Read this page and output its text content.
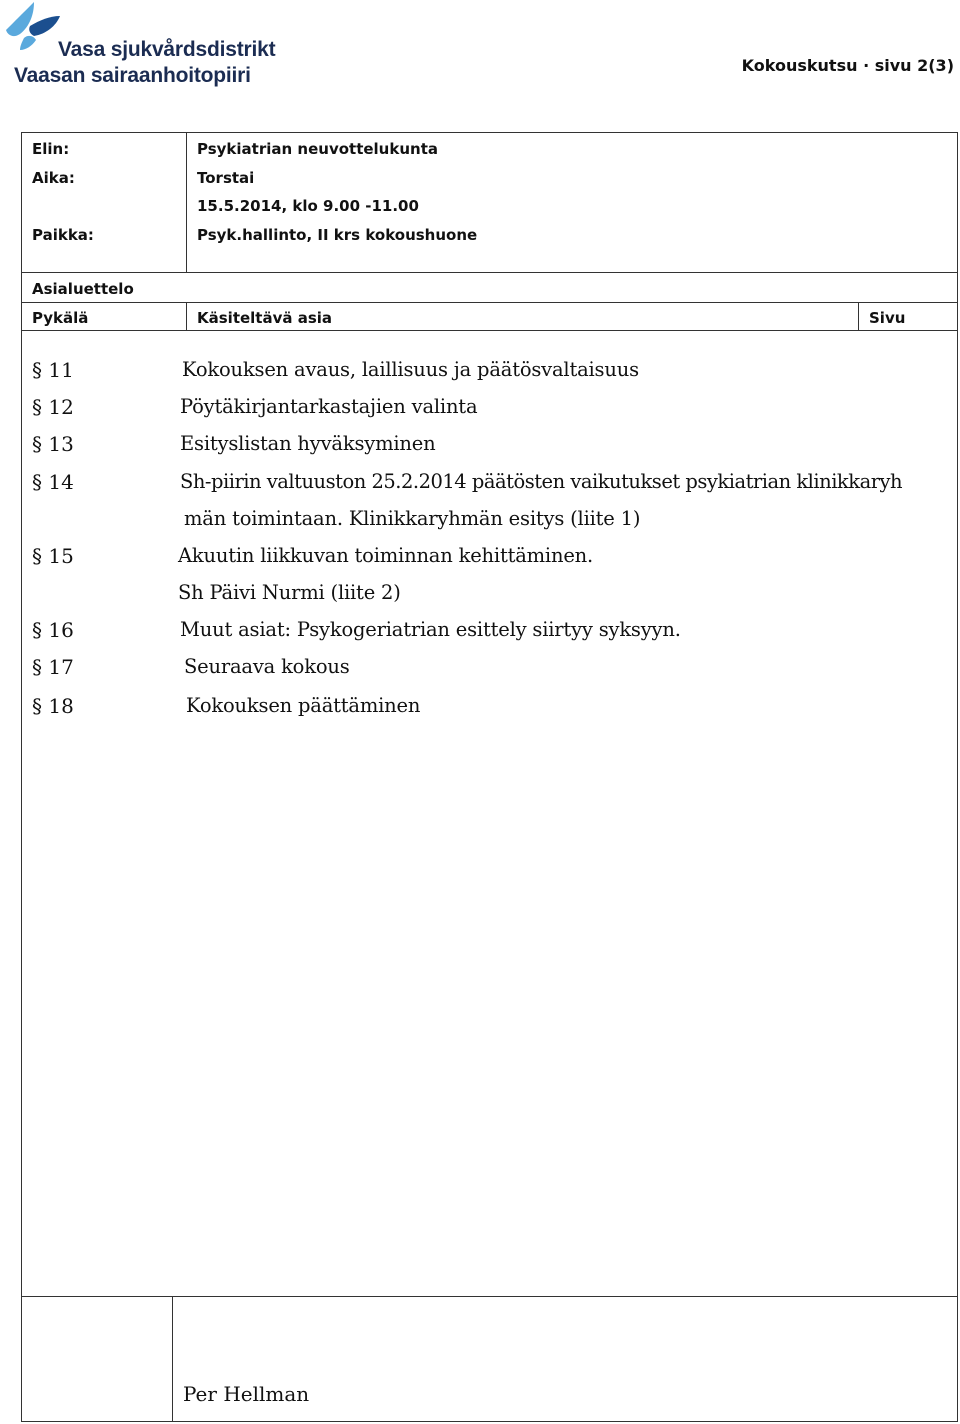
Vasa sjukvårdsdistrikt
Vaasan sairaanhoitopiiri	Kokouskutsu · sivu 2(3)
Elin:	Psykiatrian neuvottelukunta
Aika:	Torstai
15.5.2014, klo 9.00 -11.00
Paikka:	Psyk.hallinto, II krs kokoushuone
Asialuettelo
Pykälä	Käsiteltävä asia	Sivu
§ 11	Kokouksen avaus, laillisuus ja päätösvaltaisuus
§ 12	Pöytäkirjantarkastajien valinta
§ 13	Esityslistan hyväksyminen
§ 14	Sh-piirin valtuuston 25.2.2014 päätösten vaikutukset psykiatrian klinikkaryh
män toimintaan. Klinikkaryhmän esitys (liite 1)
§ 15	Akuutin liikkuvan toiminnan kehittäminen.
Sh Päivi Nurmi (liite 2)
§ 16	Muut asiat: Psykogeriatrian esittely siirtyy syksyyn.
§ 17	Seuraava kokous
§ 18	Kokouksen päättäminen
Per Hellman
